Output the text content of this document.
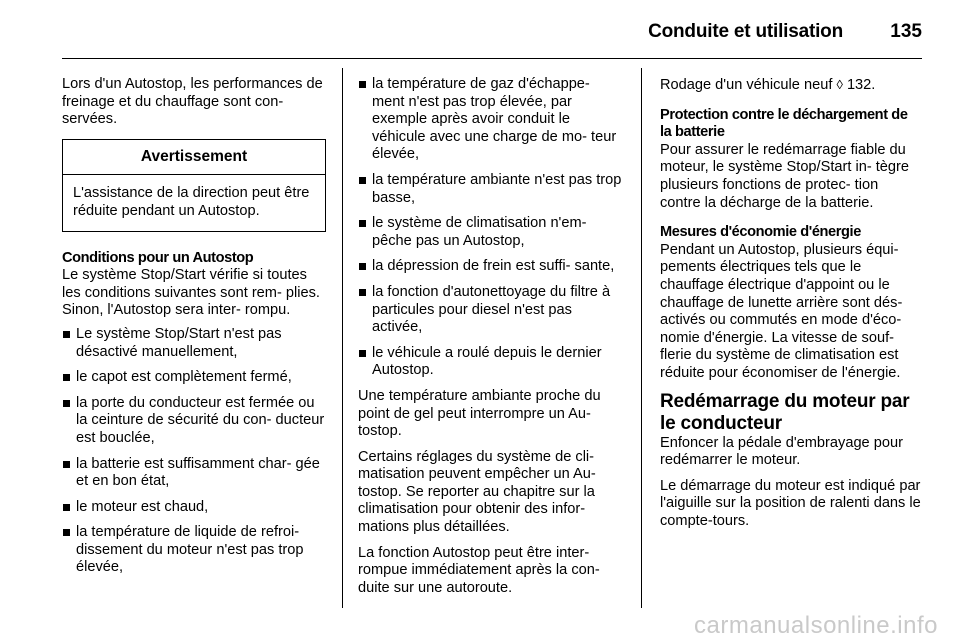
Conduite et utilisation 135

Lors d'un Autostop, les performances de freinage et du chauffage sont con- servées.

Avertissement
L'assistance de la direction peut être réduite pendant un Autostop.

Conditions pour un Autostop

Le système Stop/Start vérifie si toutes les conditions suivantes sont rem- plies. Sinon, l'Autostop sera inter- rompu.

Le système Stop/Start n'est pas désactivé manuellement,
le capot est complètement fermé,
la porte du conducteur est fermée ou la ceinture de sécurité du con- ducteur est bouclée,
la batterie est suffisamment char- gée et en bon état,
le moteur est chaud,
la température de liquide de refroi- dissement du moteur n'est pas trop élevée,
la température de gaz d'échappe- ment n'est pas trop élevée, par exemple après avoir conduit le véhicule avec une charge de mo- teur élevée,
la température ambiante n'est pas trop basse,
le système de climatisation n'em- pêche pas un Autostop,
la dépression de frein est suffi- sante,
la fonction d'autonettoyage du filtre à particules pour diesel n'est pas activée,
le véhicule a roulé depuis le dernier Autostop.

Une température ambiante proche du point de gel peut interrompre un Au- tostop.

Certains réglages du système de cli- matisation peuvent empêcher un Au- tostop. Se reporter au chapitre sur la climatisation pour obtenir des infor- mations plus détaillées.

La fonction Autostop peut être inter- rompue immédiatement après la con- duite sur une autoroute.

Rodage d'un véhicule neuf ◊ 132.

Protection contre le déchargement de la batterie

Pour assurer le redémarrage fiable du moteur, le système Stop/Start in- tègre plusieurs fonctions de protec- tion contre la décharge de la batterie.

Mesures d'économie d'énergie

Pendant un Autostop, plusieurs équi- pements électriques tels que le chauffage électrique d'appoint ou le chauffage de lunette arrière sont dés- activés ou commutés en mode d'éco- nomie d'énergie. La vitesse de souf- flerie du système de climatisation est réduite pour économiser de l'énergie.

Redémarrage du moteur par le conducteur

Enfoncer la pédale d'embrayage pour redémarrer le moteur.

Le démarrage du moteur est indiqué par l'aiguille sur la position de ralenti dans le compte-tours.

carmanualsonline.info
